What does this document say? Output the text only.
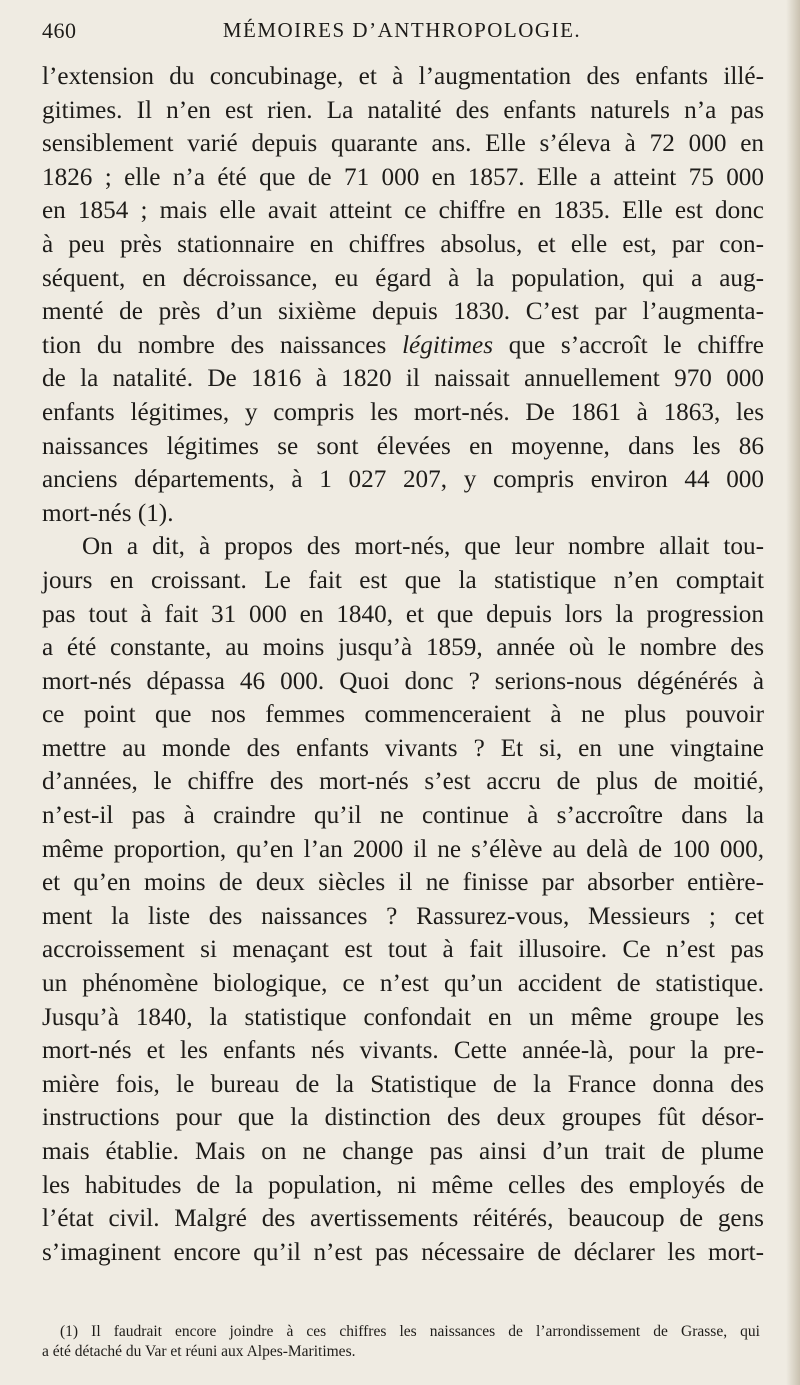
MÉMOIRES D’ANTHROPOLOGIE.
460
l’extension du concubinage, et à l’augmentation des enfants illé-
gitimes. Il n’en est rien. La natalité des enfants naturels n’a pas
sensiblement varié depuis quarante ans. Elle s’éleva à 72 000 en
1826 ; elle n’a été que de 71 000 en 1857. Elle a atteint 75 000
en 1854 ; mais elle avait atteint ce chiffre en 1835. Elle est donc
à peu près stationnaire en chiffres absolus, et elle est, par con-
séquent, en décroissance, eu égard à la population, qui a aug-
menté de près d’un sixième depuis 1830. C’est par l’augmenta-
tion du nombre des naissances légitimes que s’accroît le chiffre
de la natalité. De 1816 à 1820 il naissait annuellement 970 000
enfants légitimes, y compris les mort-nés. De 1861 à 1863, les
naissances légitimes se sont élevées en moyenne, dans les 86
anciens départements, à 1 027 207, y compris environ 44 000
mort-nés (1).
On a dit, à propos des mort-nés, que leur nombre allait tou-
jours en croissant. Le fait est que la statistique n’en comptait
pas tout à fait 31 000 en 1840, et que depuis lors la progression
a été constante, au moins jusqu’à 1859, année où le nombre des
mort-nés dépassa 46 000. Quoi donc ? serions-nous dégénérés à
ce point que nos femmes commenceraient à ne plus pouvoir
mettre au monde des enfants vivants ? Et si, en une vingtaine
d’années, le chiffre des mort-nés s’est accru de plus de moitié,
n’est-il pas à craindre qu’il ne continue à s’accroître dans la
même proportion, qu’en l’an 2000 il ne s’élève au delà de 100 000,
et qu’en moins de deux siècles il ne finisse par absorber entière-
ment la liste des naissances ? Rassurez-vous, Messieurs ; cet
accroissement si menaçant est tout à fait illusoire. Ce n’est pas
un phénomène biologique, ce n’est qu’un accident de statistique.
Jusqu’à 1840, la statistique confondait en un même groupe les
mort-nés et les enfants nés vivants. Cette année-là, pour la pre-
mière fois, le bureau de la Statistique de la France donna des
instructions pour que la distinction des deux groupes fût désor-
mais établie. Mais on ne change pas ainsi d’un trait de plume
les habitudes de la population, ni même celles des employés de
l’état civil. Malgré des avertissements réitérés, beaucoup de gens
s’imaginent encore qu’il n’est pas nécessaire de déclarer les mort-
(1) Il faudrait encore joindre à ces chiffres les naissances de l’arrondissement de Grasse, qui
a été détaché du Var et réuni aux Alpes-Maritimes.
